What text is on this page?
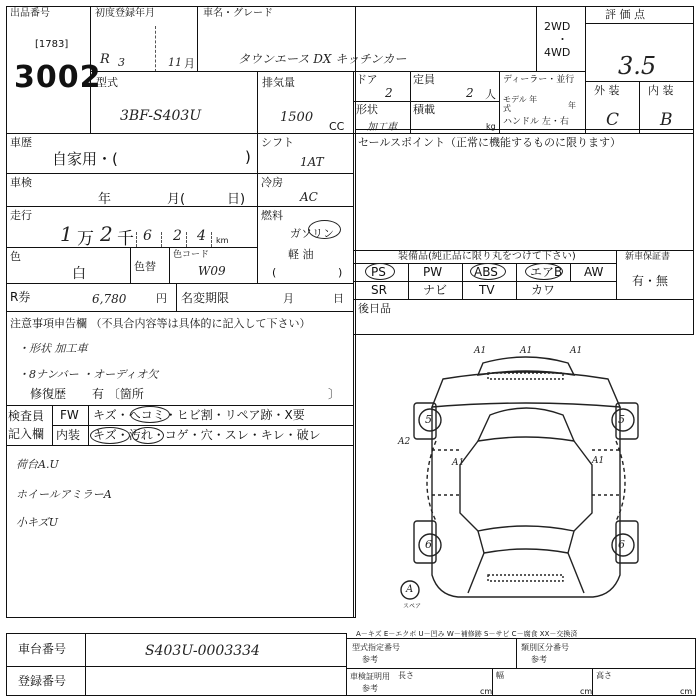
出品番号
[1783]
3002
初度登録年月
R 3	11 月
車名・グレード
タウンエース DX キッチンカー
2WD
・
4WD
評 価 点
3.5
型式
3BF-S403U
排気量
1500
CC
ドア
2
定員
2 人
ディーラー・並行
モデル 年式	年
ハンドル 左・右
形状
加工車
積載
kg
外 装
C
内 装
B
車歴
自家用・(	)
シフト
1AT
セールスポイント（正常に機能するものに限ります）
車検
年	月(	日)
冷房
AC
走行
1 万 2 千 6 2 4 km
燃料
ガソリン
軽 油
(	)
色
白	色替
色コード
W09
装備品(純正品に限り丸をつけて下さい)
PS	PW	ABS	エアB AW
SR	ナビ	TV	カワ
新車保証書
有・無
後日品
R券	6,780	円 名変期限	月	日
注意事項申告欄 （不具合内容等は具体的に記入して下さい）
・形状 加工車
・8ナンバー ・オーディオ欠
修復歴 有 〔箇所	〕
検査員
記入欄
FW キズ・へコミ・ヒビ割・リペア跡・X要
内装 キズ・汚れ・コゲ・穴・スレ・キレ・破レ
荷台A.U
ホイールアミラーA
小キズU
A1	A1	A1
A1	A1
A2
5	5
6	6
A
スペア
A－キズ E－エクボ U－凹み W－補修跡 S－サビ C－腐食 XX－交換済
車台番号	S403U-0003334
登録番号
型式指定番号
参考
類別区分番号
参考
車検証明用
参考
長さ
cm
幅
cm
高さ
cm
